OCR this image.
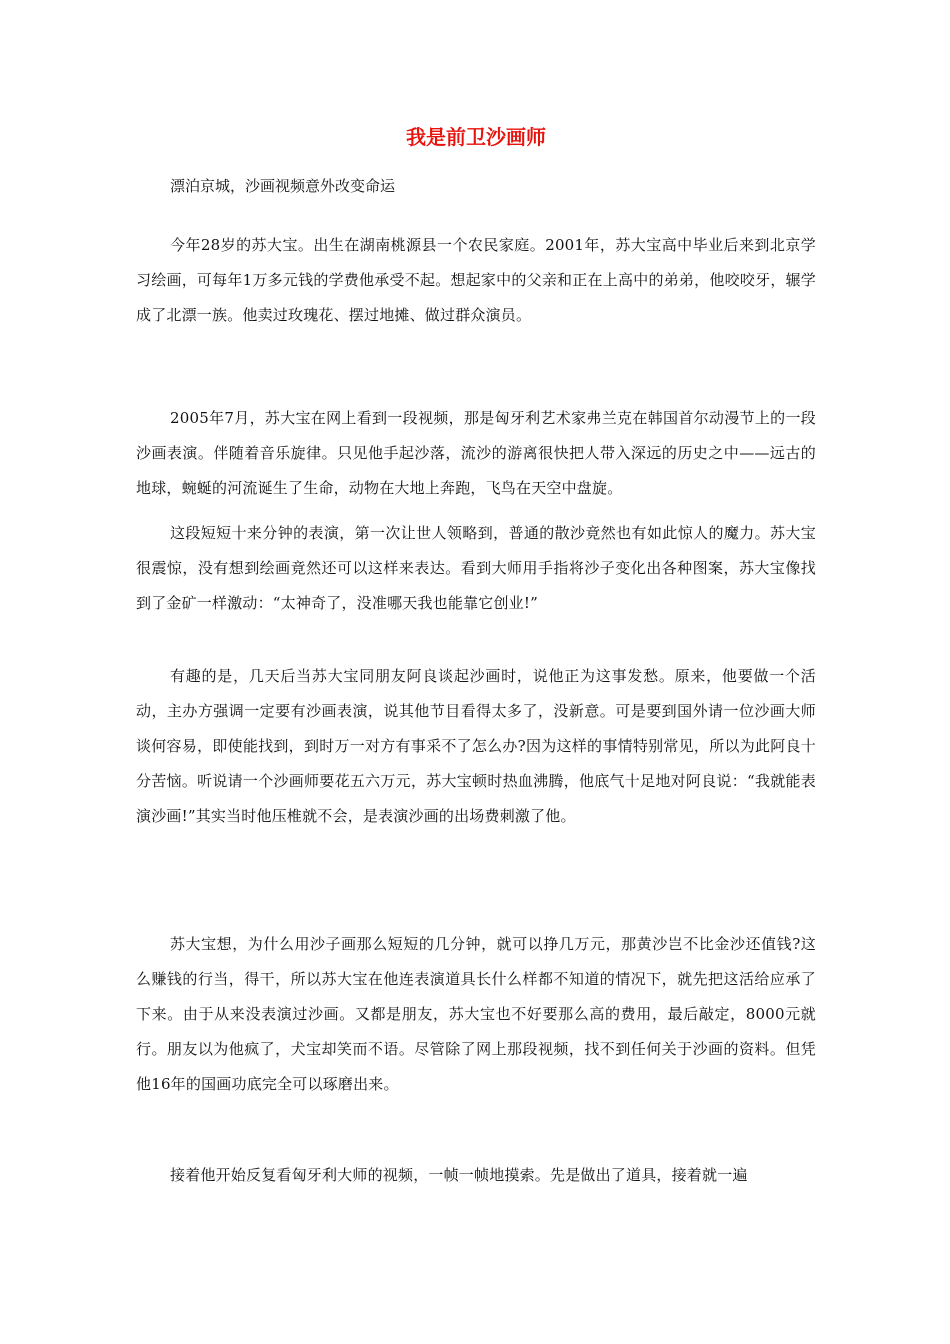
我是前卫沙画师

漂泊京城，沙画视频意外改变命运

今年28岁的苏大宝。出生在湖南桃源县一个农民家庭。2001年，苏大宝高中毕业后来到北京学习绘画，可每年1万多元钱的学费他承受不起。想起家中的父亲和正在上高中的弟弟，他咬咬牙，辗学成了北漂一族。他卖过玫瑰花、摆过地摊、做过群众演员。

2005年7月，苏大宝在网上看到一段视频，那是匈牙利艺术家弗兰克在韩国首尔动漫节上的一段沙画表演。伴随着音乐旋律。只见他手起沙落，流沙的游离很快把人带入深远的历史之中——远古的地球，蜿蜒的河流诞生了生命，动物在大地上奔跑，飞鸟在天空中盘旋。

这段短短十来分钟的表演，第一次让世人领略到，普通的散沙竟然也有如此惊人的魔力。苏大宝很震惊，没有想到绘画竟然还可以这样来表达。看到大师用手指将沙子变化出各种图案，苏大宝像找到了金矿一样激动：“太神奇了，没准哪天我也能靠它创业!”

有趣的是，几天后当苏大宝同朋友阿良谈起沙画时，说他正为这事发愁。原来，他要做一个活动，主办方强调一定要有沙画表演，说其他节目看得太多了，没新意。可是要到国外请一位沙画大师谈何容易，即使能找到，到时万一对方有事采不了怎么办?因为这样的事情特别常见，所以为此阿良十分苦恼。听说请一个沙画师要花五六万元，苏大宝顿时热血沸腾，他底气十足地对阿良说：“我就能表演沙画!”其实当时他压椎就不会，是表演沙画的出场费刺激了他。

苏大宝想，为什么用沙子画那么短短的几分钟，就可以挣几万元，那黄沙岂不比金沙还值钱?这么赚钱的行当，得干，所以苏大宝在他连表演道具长什么样都不知道的情况下，就先把这活给应承了下来。由于从来没表演过沙画。又都是朋友，苏大宝也不好要那么高的费用，最后敲定，8000元就行。朋友以为他疯了，犬宝却笑而不语。尽管除了网上那段视频，找不到任何关于沙画的资料。但凭他16年的国画功底完全可以琢磨出来。

接着他开始反复看匈牙利大师的视频，一帧一帧地摸索。先是做出了道具，接着就一遍
